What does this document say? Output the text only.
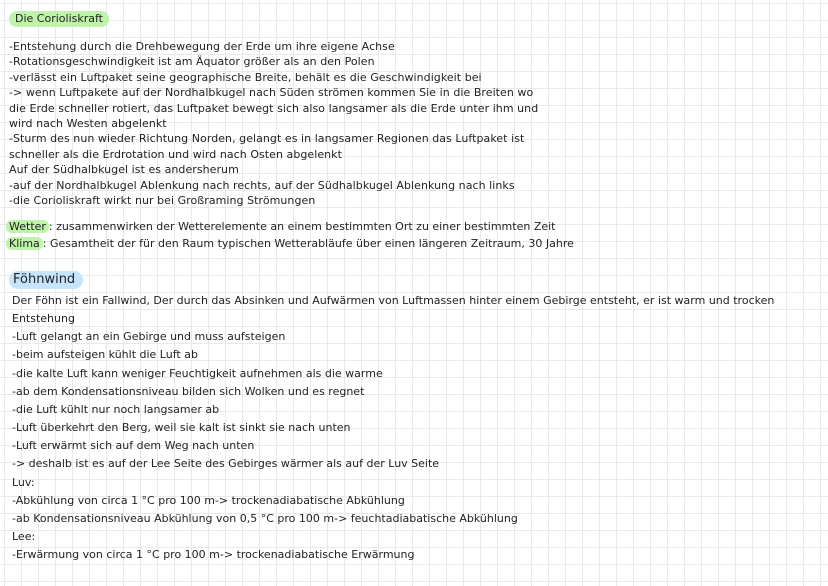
Die Corioliskraft
-Entstehung durch die Drehbewegung der Erde um ihre eigene Achse
-Rotationsgeschwindigkeit ist am Äquator größer als an den Polen
-verlässt ein Luftpaket seine geographische Breite, behält es die Geschwindigkeit bei
-> wenn Luftpakete auf der Nordhalbkugel nach Süden strömen kommen Sie in die Breiten wo
die Erde schneller rotiert, das Luftpaket bewegt sich also langsamer als die Erde unter ihm und
wird nach Westen abgelenkt
-Sturm des nun wieder Richtung Norden, gelangt es in langsamer Regionen das Luftpaket ist
schneller als die Erdrotation und wird nach Osten abgelenkt
Auf der Südhalbkugel ist es andersherum
-auf der Nordhalbkugel Ablenkung nach rechts, auf der Südhalbkugel Ablenkung nach links
-die Corioliskraft wirkt nur bei Großraming Strömungen
Wetter : zusammenwirken der Wetterelemente an einem bestimmten Ort zu einer bestimmten Zeit
Klima : Gesamtheit der für den Raum typischen Wetterabläufe über einen längeren Zeitraum, 30 Jahre
Föhnwind
Der Föhn ist ein Fallwind, Der durch das Absinken und Aufwärmen von Luftmassen hinter einem Gebirge entsteht, er ist warm und trocken
Entstehung
-Luft gelangt an ein Gebirge und muss aufsteigen
-beim aufsteigen kühlt die Luft ab
-die kalte Luft kann weniger Feuchtigkeit aufnehmen als die warme
-ab dem Kondensationsniveau bilden sich Wolken und es regnet
-die Luft kühlt nur noch langsamer ab
-Luft überkehrt den Berg, weil sie kalt ist sinkt sie nach unten
-Luft erwärmt sich auf dem Weg nach unten
-> deshalb ist es auf der Lee Seite des Gebirges wärmer als auf der Luv Seite
Luv:
-Abkühlung von circa 1 °C pro 100 m-> trockenadiabatische Abkühlung
-ab Kondensationsniveau Abkühlung von 0,5 °C pro 100 m-> feuchtadiabatische Abkühlung
Lee:
-Erwärmung von circa 1 °C pro 100 m-> trockenadiabatische Erwärmung
